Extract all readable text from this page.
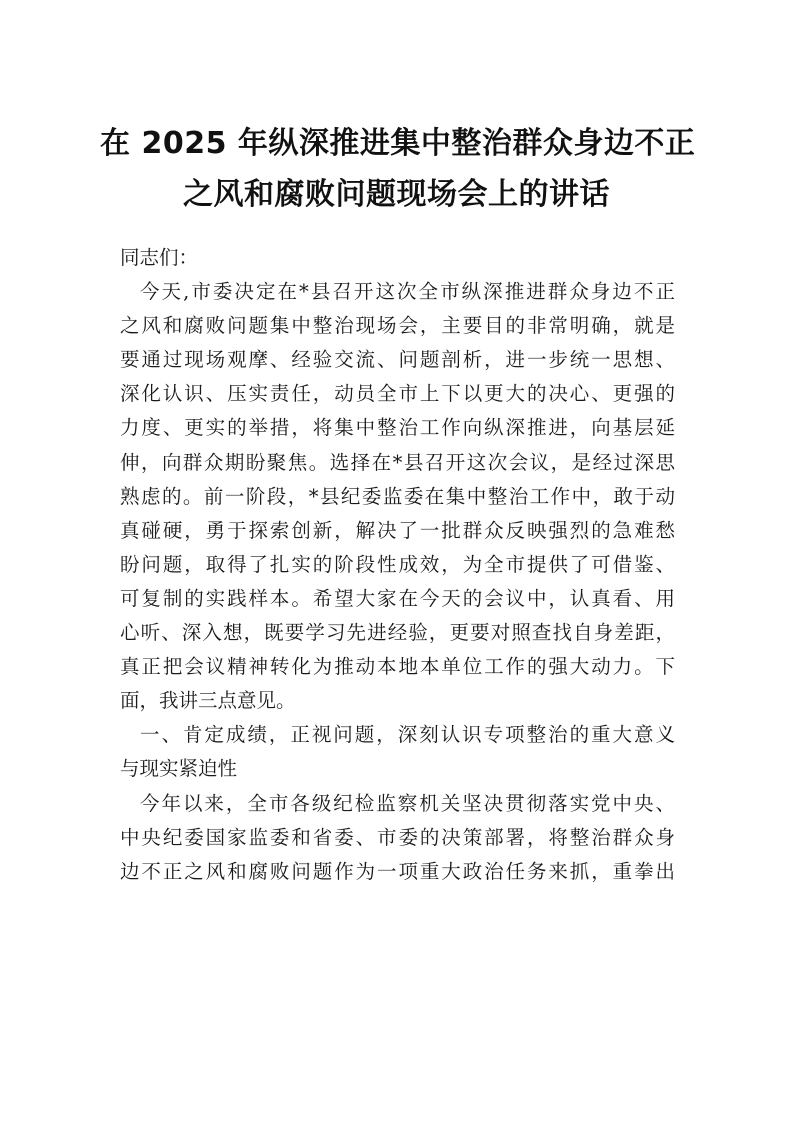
在 2025 年纵深推进集中整治群众身边不正
之风和腐败问题现场会上的讲话
同志们：
今天,市委决定在*县召开这次全市纵深推进群众身边不正
之风和腐败问题集中整治现场会，主要目的非常明确，就是
要通过现场观摩、经验交流、问题剖析，进一步统一思想、
深化认识、压实责任，动员全市上下以更大的决心、更强的
力度、更实的举措，将集中整治工作向纵深推进，向基层延
伸，向群众期盼聚焦。选择在*县召开这次会议，是经过深思
熟虑的。前一阶段，*县纪委监委在集中整治工作中，敢于动
真碰硬，勇于探索创新，解决了一批群众反映强烈的急难愁
盼问题，取得了扎实的阶段性成效，为全市提供了可借鉴、
可复制的实践样本。希望大家在今天的会议中，认真看、用
心听、深入想，既要学习先进经验，更要对照查找自身差距，
真正把会议精神转化为推动本地本单位工作的强大动力。下
面，我讲三点意见。
一、肯定成绩，正视问题，深刻认识专项整治的重大意义
与现实紧迫性
今年以来，全市各级纪检监察机关坚决贯彻落实党中央、
中央纪委国家监委和省委、市委的决策部署，将整治群众身
边不正之风和腐败问题作为一项重大政治任务来抓，重拳出
